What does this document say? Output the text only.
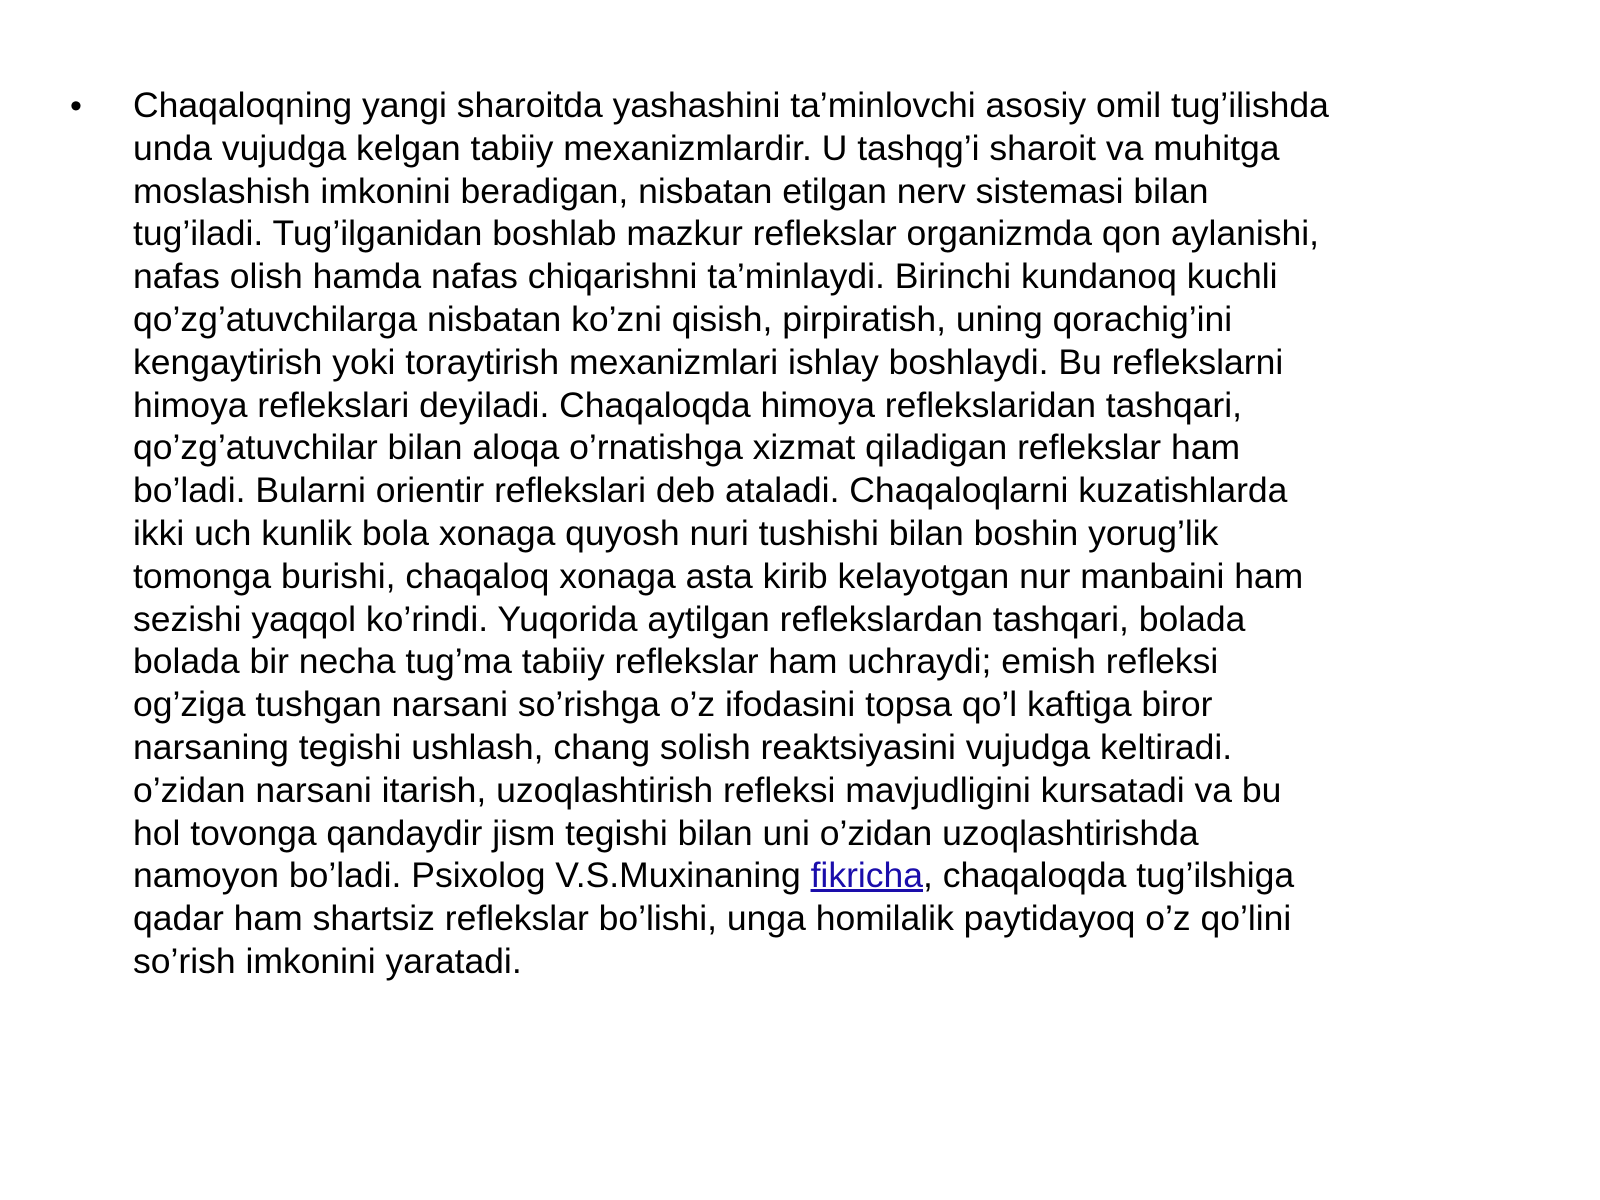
• Chaqaloqning yangi sharoitda yashashini ta’minlovchi asosiy omil tug’ilishda
unda vujudga kelgan tabiiy mexanizmlardir. U tashqg’i sharoit va muhitga
moslashish imkonini beradigan, nisbatan etilgan nerv sistemasi bilan
tug’iladi. Tug’ilganidan boshlab mazkur reflekslar organizmda qon aylanishi,
nafas olish hamda nafas chiqarishni ta’minlaydi. Birinchi kundanoq kuchli
qo’zg’atuvchilarga nisbatan ko’zni qisish, pirpiratish, uning qorachig’ini
kengaytirish yoki toraytirish mexanizmlari ishlay boshlaydi. Bu reflekslarni
himoya reflekslari deyiladi. Chaqaloqda himoya reflekslaridan tashqari,
qo’zg’atuvchilar bilan aloqa o’rnatishga xizmat qiladigan reflekslar ham
bo’ladi. Bularni orientir reflekslari deb ataladi. Chaqaloqlarni kuzatishlarda
ikki uch kunlik bola xonaga quyosh nuri tushishi bilan boshin yorug’lik
tomonga burishi, chaqaloq xonaga asta kirib kelayotgan nur manbaini ham
sezishi yaqqol ko’rindi. Yuqorida aytilgan reflekslardan tashqari, bolada
bolada bir necha tug’ma tabiiy reflekslar ham uchraydi; emish refleksi
og’ziga tushgan narsani so’rishga o’z ifodasini topsa qo’l kaftiga biror
narsaning tegishi ushlash, chang solish reaktsiyasini vujudga keltiradi.
o’zidan narsani itarish, uzoqlashtirish refleksi mavjudligini kursatadi va bu
hol tovonga qandaydir jism tegishi bilan uni o’zidan uzoqlashtirishda
namoyon bo’ladi. Psixolog V.S.Muxinaning fikricha, chaqaloqda tug’ilshiga
qadar ham shartsiz reflekslar bo’lishi, unga homilalik paytidayoq o’z qo’lini
so’rish imkonini yaratadi.
